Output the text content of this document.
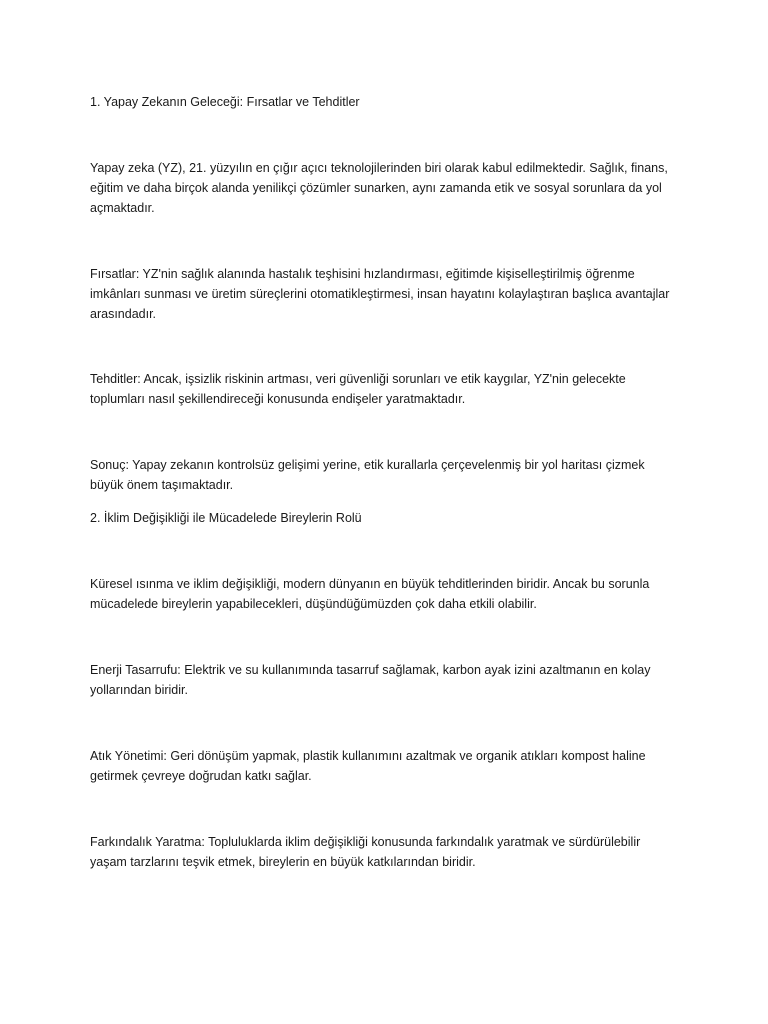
1. Yapay Zekanın Geleceği: Fırsatlar ve Tehditler

Yapay zeka (YZ), 21. yüzyılın en çığır açıcı teknolojilerinden biri olarak kabul edilmektedir. Sağlık, finans,
eğitim ve daha birçok alanda yenilikçi çözümler sunarken, aynı zamanda etik ve sosyal sorunlara da yol
açmaktadır.

Fırsatlar: YZ'nin sağlık alanında hastalık teşhisini hızlandırması, eğitimde kişiselleştirilmiş öğrenme
imkânları sunması ve üretim süreçlerini otomatikleştirmesi, insan hayatını kolaylaştıran başlıca avantajlar
arasındadır.

Tehditler: Ancak, işsizlik riskinin artması, veri güvenliği sorunları ve etik kaygılar, YZ'nin gelecekte
toplumları nasıl şekillendireceği konusunda endişeler yaratmaktadır.

Sonuç: Yapay zekanın kontrolsüz gelişimi yerine, etik kurallarla çerçevelenmiş bir yol haritası çizmek
büyük önem taşımaktadır.

2. İklim Değişikliği ile Mücadelede Bireylerin Rolü

Küresel ısınma ve iklim değişikliği, modern dünyanın en büyük tehditlerinden biridir. Ancak bu sorunla
mücadelede bireylerin yapabilecekleri, düşündüğümüzden çok daha etkili olabilir.

Enerji Tasarrufu: Elektrik ve su kullanımında tasarruf sağlamak, karbon ayak izini azaltmanın en kolay
yollarından biridir.

Atık Yönetimi: Geri dönüşüm yapmak, plastik kullanımını azaltmak ve organik atıkları kompost haline
getirmek çevreye doğrudan katkı sağlar.

Farkındalık Yaratma: Topluluklarda iklim değişikliği konusunda farkındalık yaratmak ve sürdürülebilir
yaşam tarzlarını teşvik etmek, bireylerin en büyük katkılarından biridir.
